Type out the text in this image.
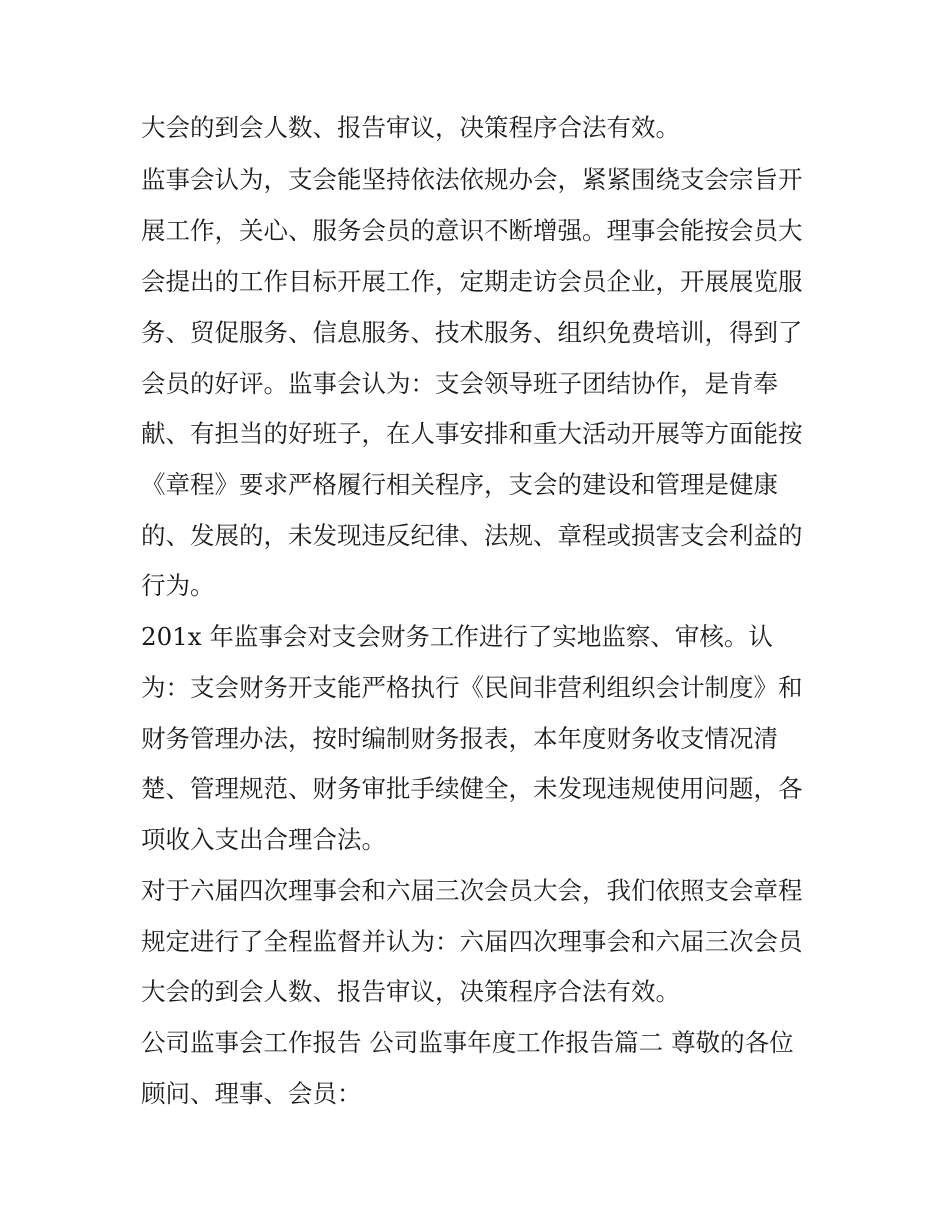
大会的到会人数、报告审议，决策程序合法有效。

监事会认为，支会能坚持依法依规办会，紧紧围绕支会宗旨开

展工作，关心、服务会员的意识不断增强。理事会能按会员大

会提出的工作目标开展工作，定期走访会员企业，开展展览服

务、贸促服务、信息服务、技术服务、组织免费培训，得到了

会员的好评。监事会认为：支会领导班子团结协作，是肯奉

献、有担当的好班子，在人事安排和重大活动开展等方面能按

《章程》要求严格履行相关程序，支会的建设和管理是健康

的、发展的，未发现违反纪律、法规、章程或损害支会利益的

行为。

201x 年监事会对支会财务工作进行了实地监察、审核。认

为：支会财务开支能严格执行《民间非营利组织会计制度》和

财务管理办法，按时编制财务报表，本年度财务收支情况清

楚、管理规范、财务审批手续健全，未发现违规使用问题，各

项收入支出合理合法。

对于六届四次理事会和六届三次会员大会，我们依照支会章程

规定进行了全程监督并认为：六届四次理事会和六届三次会员

大会的到会人数、报告审议，决策程序合法有效。

公司监事会工作报告 公司监事年度工作报告篇二 尊敬的各位

顾问、理事、会员：
